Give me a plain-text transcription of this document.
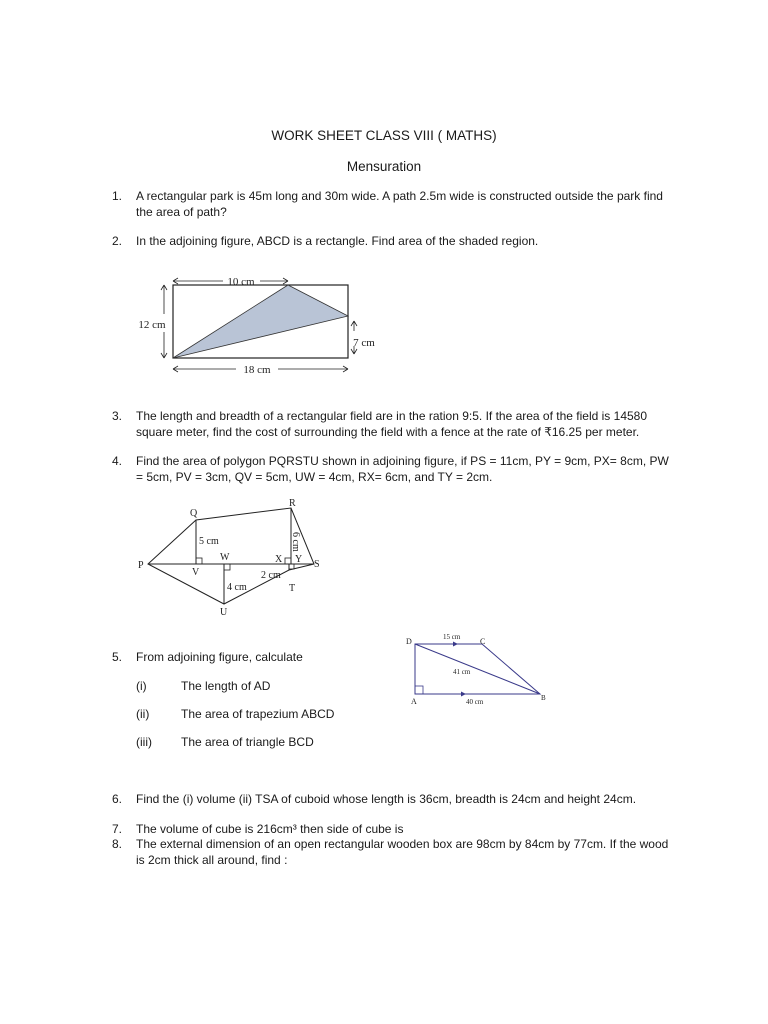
WORK SHEET CLASS VIII ( MATHS)
Mensuration
1. A rectangular park is 45m long and 30m wide. A path 2.5m wide is constructed outside the park find the area of path?
2. In the adjoining figure, ABCD is a rectangle. Find area of the shaded region.
10 cm
12 cm
7 cm
18 cm
3. The length and breadth of a rectangular field are in the ration 9:5. If the area of the field is 14580 square meter, find the cost of surrounding the field with a fence at the rate of ₹16.25 per meter.
4. Find the area of polygon PQRSTU shown in adjoining figure, if PS = 11cm, PY = 9cm, PX= 8cm, PW = 5cm, PV = 3cm, QV = 5cm, UW = 4cm, RX= 6cm, and TY = 2cm.
P
Q
R
S
T
U
V
W	X Y
5 cm
4 cm
2 cm
6 cm
5. From adjoining figure, calculate
(i)	The length of AD
(ii)	The area of trapezium ABCD
(iii) The area of triangle BCD
D	C
A	B
15 cm
41 cm
40 cm
6. Find the (i) volume (ii) TSA of cuboid whose length is 36cm, breadth is 24cm and height 24cm.
7. The volume of cube is 216cm³ then side of cube is
8. The external dimension of an open rectangular wooden box are 98cm by 84cm by 77cm. If the wood is 2cm thick all around, find :
